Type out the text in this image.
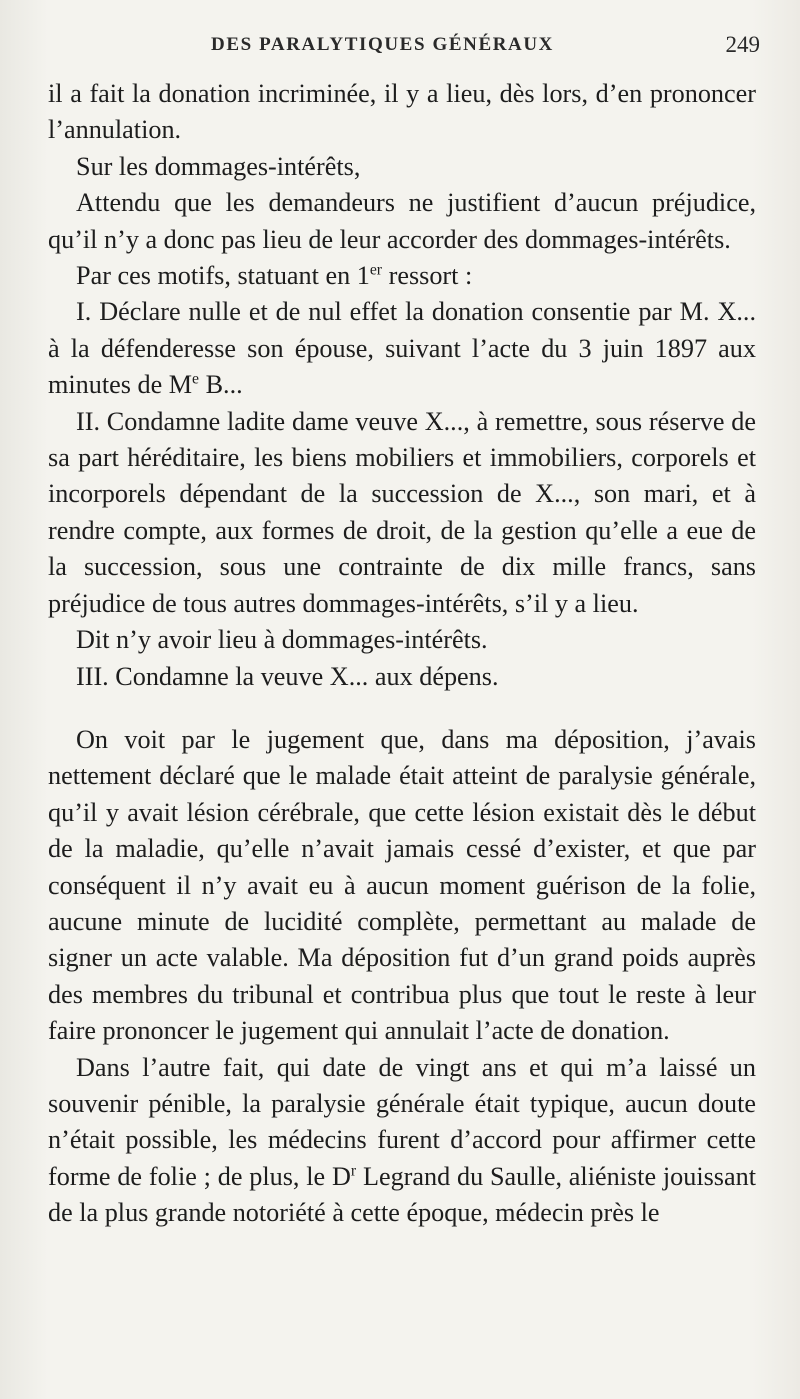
DES PARALYTIQUES GÉNÉRAUX	249

il a fait la donation incriminée, il y a lieu, dès lors, d’en prononcer l’annulation.

Sur les dommages-intérêts,

Attendu que les demandeurs ne justifient d’aucun préjudice, qu’il n’y a donc pas lieu de leur accorder des dommages-intérêts.

Par ces motifs, statuant en 1er ressort :

I. Déclare nulle et de nul effet la donation consentie par M. X... à la défenderesse son épouse, suivant l’acte du 3 juin 1897 aux minutes de Me B...

II. Condamne ladite dame veuve X..., à remettre, sous réserve de sa part héréditaire, les biens mobiliers et immobiliers, corporels et incorporels dépendant de la succession de X..., son mari, et à rendre compte, aux formes de droit, de la gestion qu’elle a eue de la succession, sous une contrainte de dix mille francs, sans préjudice de tous autres dommages-intérêts, s’il y a lieu.

Dit n’y avoir lieu à dommages-intérêts.

III. Condamne la veuve X... aux dépens.

On voit par le jugement que, dans ma déposition, j’avais nettement déclaré que le malade était atteint de paralysie générale, qu’il y avait lésion cérébrale, que cette lésion existait dès le début de la maladie, qu’elle n’avait jamais cessé d’exister, et que par conséquent il n’y avait eu à aucun moment guérison de la folie, aucune minute de lucidité complète, permettant au malade de signer un acte valable. Ma déposition fut d’un grand poids auprès des membres du tribunal et contribua plus que tout le reste à leur faire prononcer le jugement qui annulait l’acte de donation.

Dans l’autre fait, qui date de vingt ans et qui m’a laissé un souvenir pénible, la paralysie générale était typique, aucun doute n’était possible, les médecins furent d’accord pour affirmer cette forme de folie ; de plus, le $D^r$ Legrand du Saulle, aliéniste jouissant de la plus grande notoriété à cette époque, médecin près le
